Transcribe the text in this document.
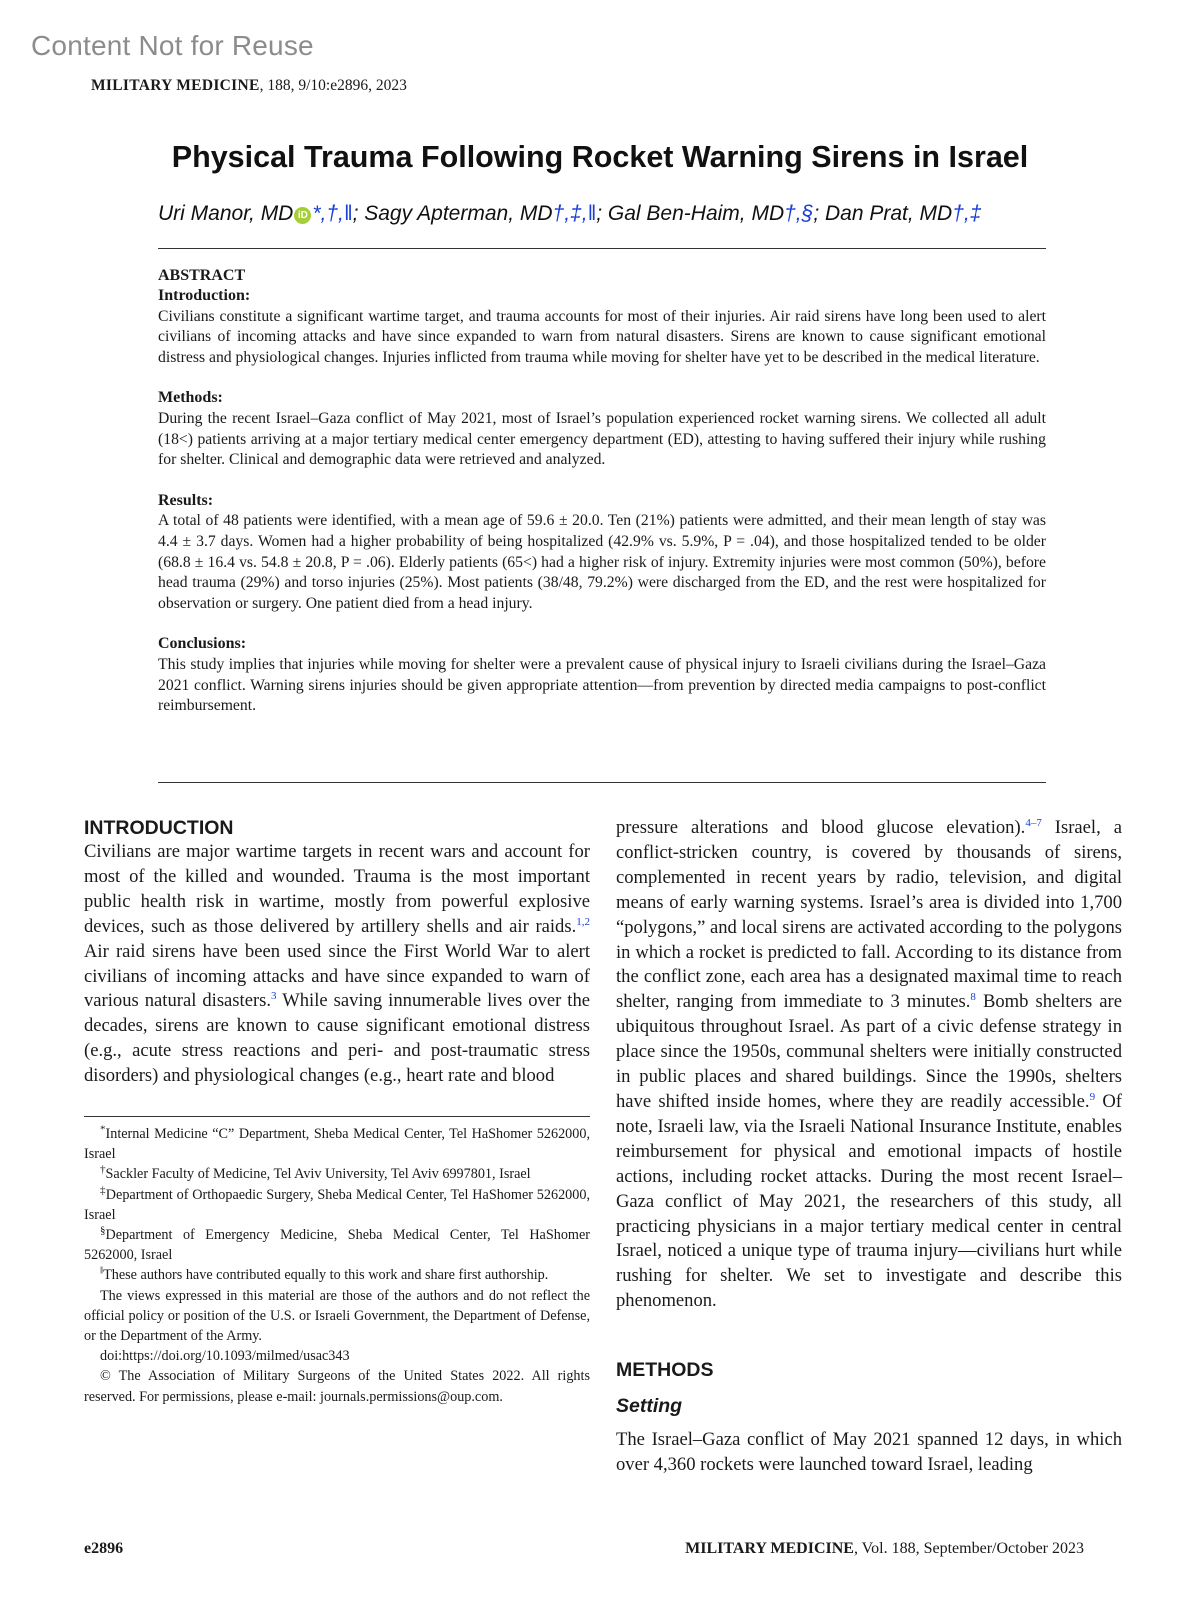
Content Not for Reuse
MILITARY MEDICINE, 188, 9/10:e2896, 2023
Physical Trauma Following Rocket Warning Sirens in Israel
Uri Manor, MD iD *,†,‖; Sagy Apterman, MD†,‡,‖; Gal Ben-Haim, MD†,§; Dan Prat, MD†,‡
ABSTRACT
Introduction:

Civilians constitute a significant wartime target, and trauma accounts for most of their injuries. Air raid sirens have long been used to alert civilians of incoming attacks and have since expanded to warn from natural disasters. Sirens are known to cause significant emotional distress and physiological changes. Injuries inflicted from trauma while moving for shelter have yet to be described in the medical literature.

Methods:

During the recent Israel–Gaza conflict of May 2021, most of Israel’s population experienced rocket warning sirens. We collected all adult (18<) patients arriving at a major tertiary medical center emergency department (ED), attesting to having suffered their injury while rushing for shelter. Clinical and demographic data were retrieved and analyzed.

Results:

A total of 48 patients were identified, with a mean age of 59.6 ± 20.0. Ten (21%) patients were admitted, and their mean length of stay was 4.4 ± 3.7 days. Women had a higher probability of being hospitalized (42.9% vs. 5.9%, P = .04), and those hospitalized tended to be older (68.8 ± 16.4 vs. 54.8 ± 20.8, P = .06). Elderly patients (65<) had a higher risk of injury. Extremity injuries were most common (50%), before head trauma (29%) and torso injuries (25%). Most patients (38/48, 79.2%) were discharged from the ED, and the rest were hospitalized for observation or surgery. One patient died from a head injury.

Conclusions:

This study implies that injuries while moving for shelter were a prevalent cause of physical injury to Israeli civilians during the Israel–Gaza 2021 conflict. Warning sirens injuries should be given appropriate attention—from prevention by directed media campaigns to post-conflict reimbursement.

INTRODUCTION

Civilians are major wartime targets in recent wars and account for most of the killed and wounded. Trauma is the most important public health risk in wartime, mostly from powerful explosive devices, such as those delivered by artillery shells and air raids.$^{1,2}$ Air raid sirens have been used since the First World War to alert civilians of incoming attacks and have since expanded to warn of various natural disasters.$^3$ While saving innumerable lives over the decades, sirens are known to cause significant emotional distress (e.g., acute stress reactions and peri- and post-traumatic stress disorders) and physiological changes (e.g., heart rate and blood

*Internal Medicine “C” Department, Sheba Medical Center, Tel HaShomer 5262000, Israel

†Sackler Faculty of Medicine, Tel Aviv University, Tel Aviv 6997801, Israel

‡Department of Orthopaedic Surgery, Sheba Medical Center, Tel HaShomer 5262000, Israel

§Department of Emergency Medicine, Sheba Medical Center, Tel HaShomer 5262000, Israel

‖These authors have contributed equally to this work and share first authorship.

The views expressed in this material are those of the authors and do not reflect the official policy or position of the U.S. or Israeli Government, the Department of Defense, or the Department of the Army.

doi:https://doi.org/10.1093/milmed/usac343

© The Association of Military Surgeons of the United States 2022. All rights reserved. For permissions, please e-mail: journals.permissions@oup.com.

pressure alterations and blood glucose elevation).$^{4-7}$ Israel, a conflict-stricken country, is covered by thousands of sirens, complemented in recent years by radio, television, and digital means of early warning systems. Israel’s area is divided into 1,700 “polygons,” and local sirens are activated according to the polygons in which a rocket is predicted to fall. According to its distance from the conflict zone, each area has a designated maximal time to reach shelter, ranging from immediate to 3 minutes.$^8$ Bomb shelters are ubiquitous throughout Israel. As part of a civic defense strategy in place since the 1950s, communal shelters were initially constructed in public places and shared buildings. Since the 1990s, shelters have shifted inside homes, where they are readily accessible.$^9$ Of note, Israeli law, via the Israeli National Insurance Institute, enables reimbursement for physical and emotional impacts of hostile actions, including rocket attacks. During the most recent Israel–Gaza conflict of May 2021, the researchers of this study, all practicing physicians in a major tertiary medical center in central Israel, noticed a unique type of trauma injury—civilians hurt while rushing for shelter. We set to investigate and describe this phenomenon.

METHODS
Setting

The Israel–Gaza conflict of May 2021 spanned 12 days, in which over 4,360 rockets were launched toward Israel, leading

e2896	MILITARY MEDICINE, Vol. 188, September/October 2023
